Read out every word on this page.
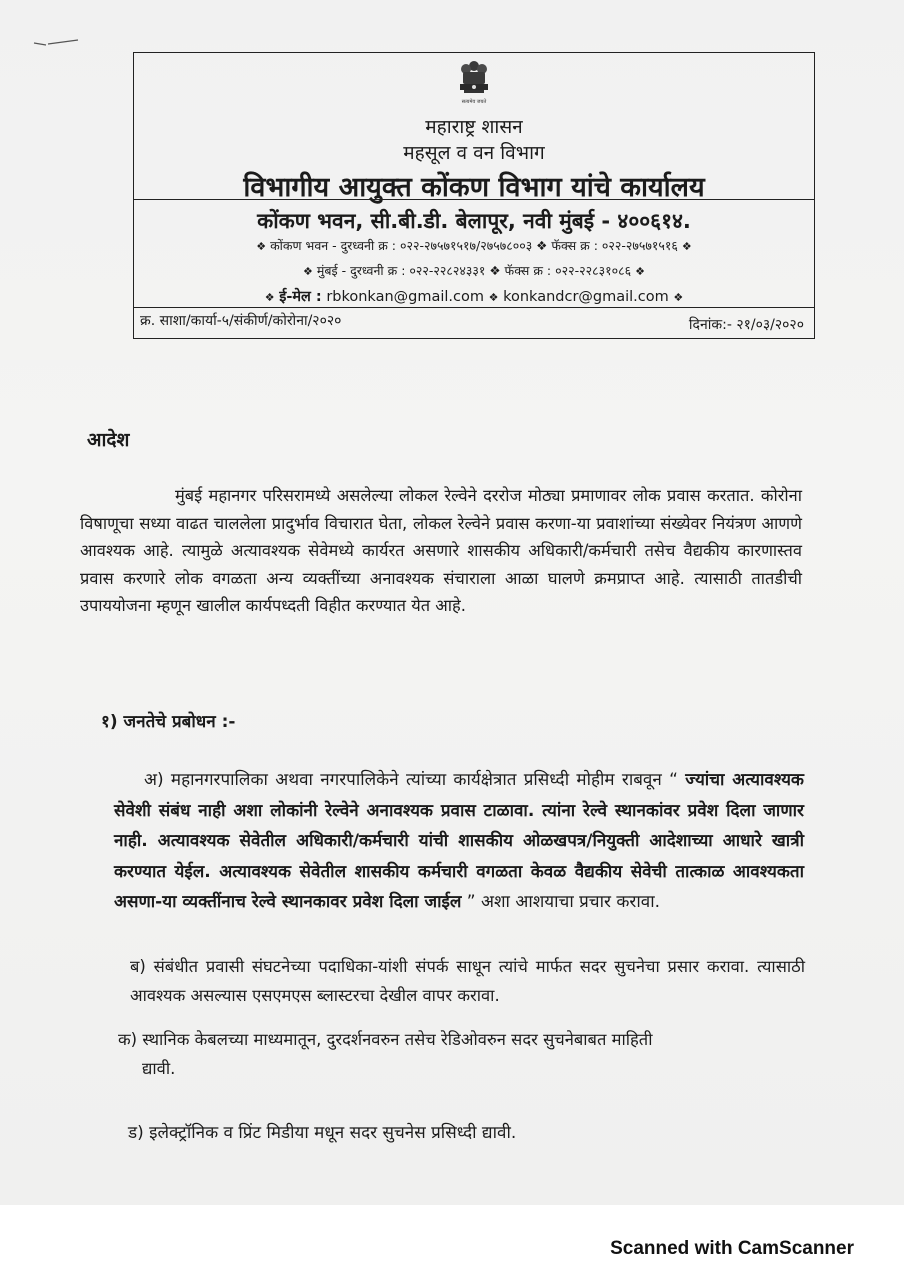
सत्यमेव जयते
महाराष्ट्र शासन
महसूल व वन विभाग
विभागीय आयुक्त कोंकण विभाग यांचे कार्यालय
कोंकण भवन, सी.बी.डी. बेलापूर, नवी मुंबई - ४००६१४.
❖ कोंकण भवन - दुरध्वनी क्र : ०२२-२७५७१५१७/२७५७८००३ ❖ फॅक्स क्र : ०२२-२७५७१५१६ ❖
❖ मुंबई - दुरध्वनी क्र : ०२२-२२८२४३३१ ❖ फॅक्स क्र : ०२२-२२८३१०८६ ❖
❖ ई-मेल : rbkonkan@gmail.com ❖ konkandcr@gmail.com ❖
क्र. साशा/कार्या-५/संकीर्ण/कोरोना/२०२०	दिनांक:- २१/०३/२०२०
आदेश

मुंबई महानगर परिसरामध्ये असलेल्या लोकल रेल्वेने दररोज मोठ्या प्रमाणावर लोक प्रवास करतात. कोरोना विषाणूचा सध्या वाढत चाललेला प्रादुर्भाव विचारात घेता, लोकल रेल्वेने प्रवास करणा-या प्रवाशांच्या संख्येवर नियंत्रण आणणे आवश्यक आहे. त्यामुळे अत्यावश्यक सेवेमध्ये कार्यरत असणारे शासकीय अधिकारी/कर्मचारी तसेच वैद्यकीय कारणास्तव प्रवास करणारे लोक वगळता अन्य व्यक्तींच्या अनावश्यक संचाराला आळा घालणे क्रमप्राप्त आहे. त्यासाठी तातडीची उपाययोजना म्हणून खालील कार्यपध्दती विहीत करण्यात येत आहे.

१) जनतेचे प्रबोधन :-

अ) महानगरपालिका अथवा नगरपालिकेने त्यांच्या कार्यक्षेत्रात प्रसिध्दी मोहीम राबवून “ ज्यांचा अत्यावश्यक सेवेशी संबंध नाही अशा लोकांनी रेल्वेने अनावश्यक प्रवास टाळावा. त्यांना रेल्वे स्थानकांवर प्रवेश दिला जाणार नाही. अत्यावश्यक सेवेतील अधिकारी/कर्मचारी यांची शासकीय ओळखपत्र/नियुक्ती आदेशाच्या आधारे खात्री करण्यात येईल. अत्यावश्यक सेवेतील शासकीय कर्मचारी वगळता केवळ वैद्यकीय सेवेची तात्काळ आवश्यकता असणा-या व्यक्तींनाच रेल्वे स्थानकावर प्रवेश दिला जाईल ” अशा आशयाचा प्रचार करावा.

ब) संबंधीत प्रवासी संघटनेच्या पदाधिका-यांशी संपर्क साधून त्यांचे मार्फत सदर सुचनेचा प्रसार करावा. त्यासाठी आवश्यक असल्यास एसएमएस ब्लास्टरचा देखील वापर करावा.

क) स्थानिक केबलच्या माध्यमातून, दुरदर्शनवरुन तसेच रेडिओवरुन सदर सुचनेबाबत माहिती
द्यावी.

ड) इलेक्ट्रॉनिक व प्रिंट मिडीया मधून सदर सुचनेस प्रसिध्दी द्यावी.

Scanned with CamScanner
